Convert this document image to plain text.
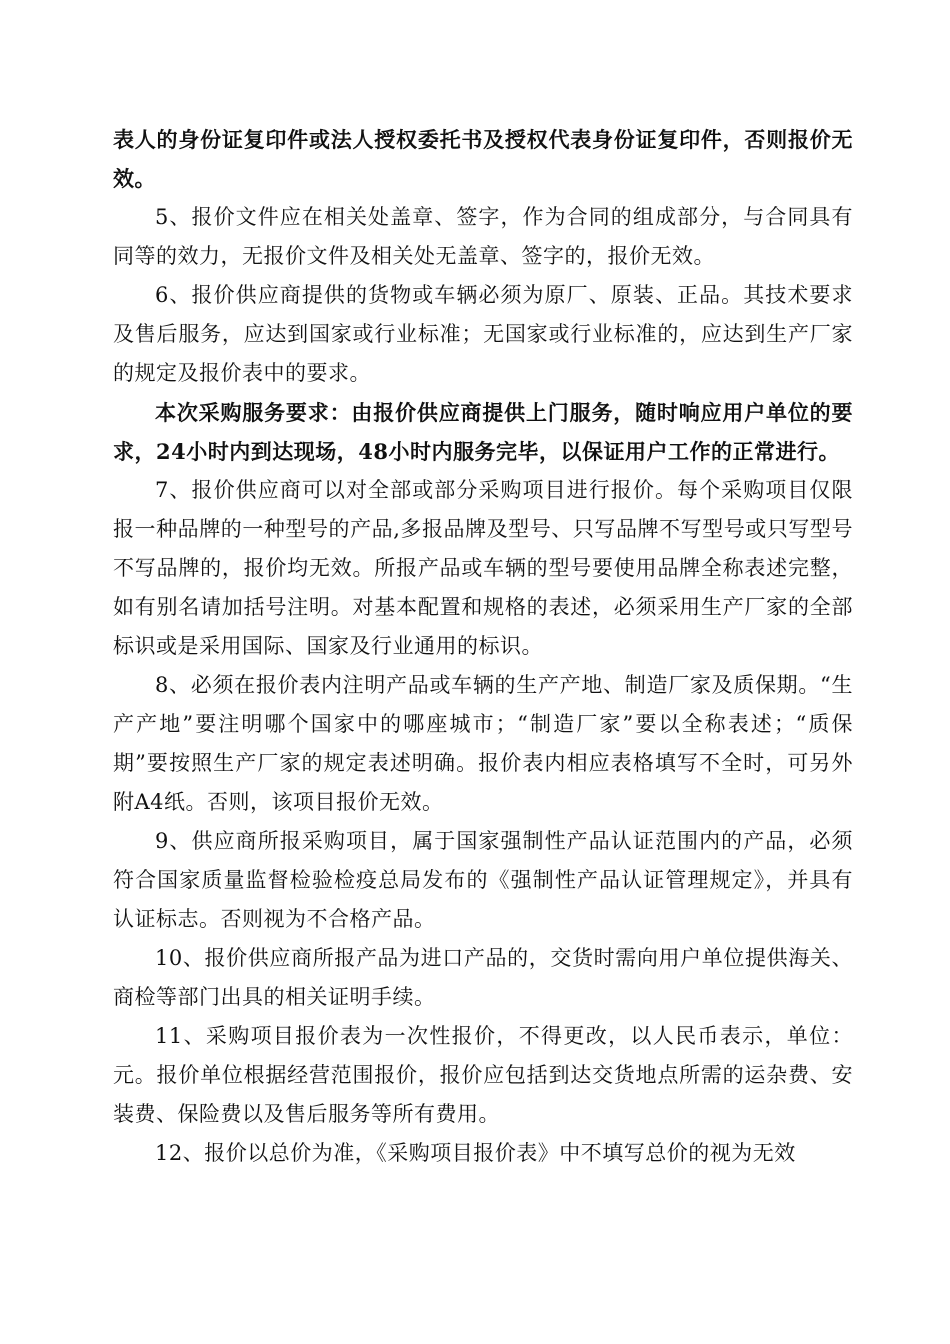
表人的身份证复印件或法人授权委托书及授权代表身份证复印件，否则报价无效。

5、报价文件应在相关处盖章、签字，作为合同的组成部分，与合同具有同等的效力，无报价文件及相关处无盖章、签字的，报价无效。

6、报价供应商提供的货物或车辆必须为原厂、原装、正品。其技术要求及售后服务，应达到国家或行业标准；无国家或行业标准的，应达到生产厂家的规定及报价表中的要求。

本次采购服务要求：由报价供应商提供上门服务，随时响应用户单位的要求，24小时内到达现场，48小时内服务完毕，以保证用户工作的正常进行。

7、报价供应商可以对全部或部分采购项目进行报价。每个采购项目仅限报一种品牌的一种型号的产品,多报品牌及型号、只写品牌不写型号或只写型号不写品牌的，报价均无效。所报产品或车辆的型号要使用品牌全称表述完整，如有别名请加括号注明。对基本配置和规格的表述，必须采用生产厂家的全部标识或是采用国际、国家及行业通用的标识。

8、必须在报价表内注明产品或车辆的生产产地、制造厂家及质保期。“生产产地”要注明哪个国家中的哪座城市；“制造厂家”要以全称表述；“质保期”要按照生产厂家的规定表述明确。报价表内相应表格填写不全时，可另外附A4纸。否则，该项目报价无效。

9、供应商所报采购项目，属于国家强制性产品认证范围内的产品，必须符合国家质量监督检验检疫总局发布的《强制性产品认证管理规定》，并具有认证标志。否则视为不合格产品。

10、报价供应商所报产品为进口产品的，交货时需向用户单位提供海关、商检等部门出具的相关证明手续。

11、采购项目报价表为一次性报价，不得更改，以人民币表示，单位：元。报价单位根据经营范围报价，报价应包括到达交货地点所需的运杂费、安装费、保险费以及售后服务等所有费用。

12、报价以总价为准，《采购项目报价表》中不填写总价的视为无效
